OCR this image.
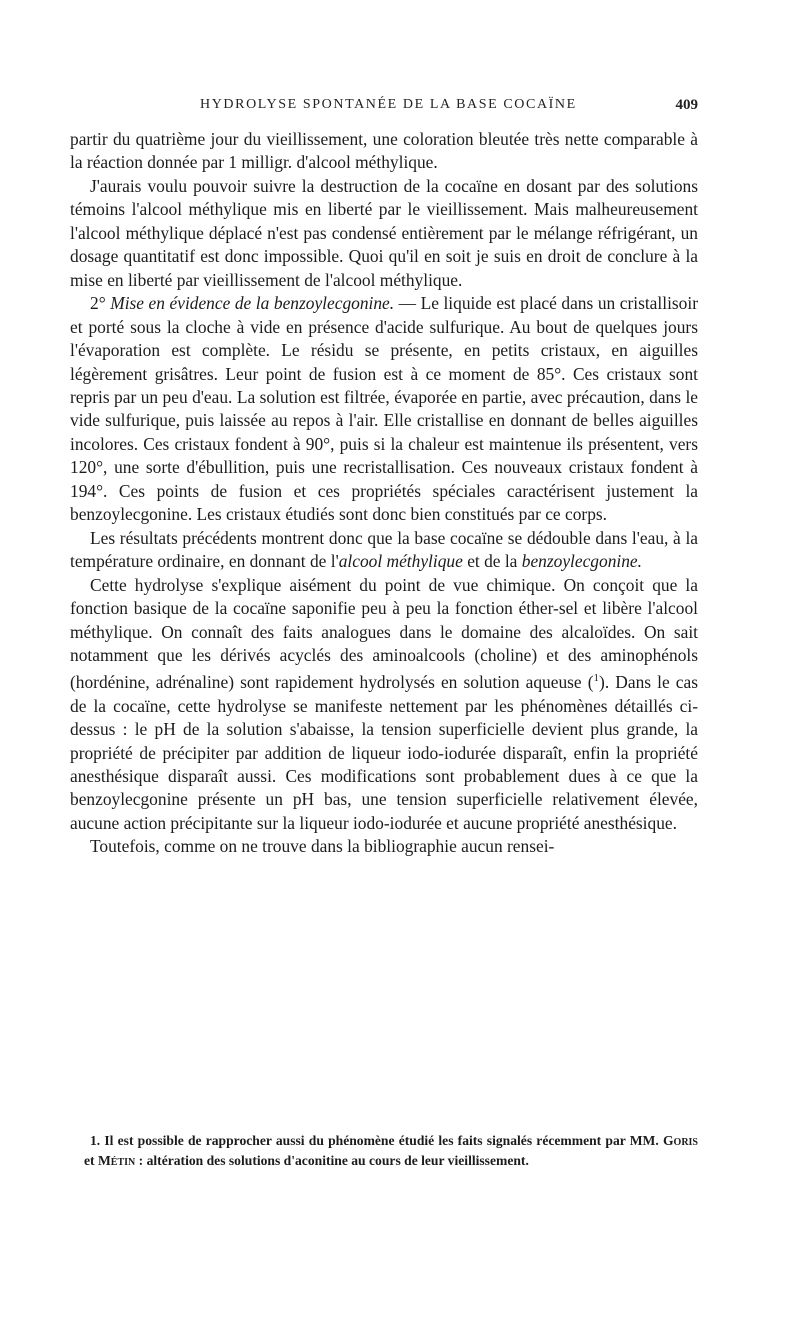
HYDROLYSE SPONTANÉE DE LA BASE COCAÏNE	409

partir du quatrième jour du vieillissement, une coloration bleutée très nette comparable à la réaction donnée par 1 milligr. d'alcool méthylique.

J'aurais voulu pouvoir suivre la destruction de la cocaïne en dosant par des solutions témoins l'alcool méthylique mis en liberté par le vieillissement. Mais malheureusement l'alcool méthylique déplacé n'est pas condensé entièrement par le mélange réfrigérant, un dosage quantitatif est donc impossible. Quoi qu'il en soit je suis en droit de conclure à la mise en liberté par vieillissement de l'alcool méthylique.

2° Mise en évidence de la benzoylecgonine. — Le liquide est placé dans un cristallisoir et porté sous la cloche à vide en présence d'acide sulfurique. Au bout de quelques jours l'évaporation est complète. Le résidu se présente, en petits cristaux, en aiguilles légèrement grisâtres. Leur point de fusion est à ce moment de 85°. Ces cristaux sont repris par un peu d'eau. La solution est filtrée, évaporée en partie, avec précaution, dans le vide sulfurique, puis laissée au repos à l'air. Elle cristallise en donnant de belles aiguilles incolores. Ces cristaux fondent à 90°, puis si la chaleur est maintenue ils présentent, vers 120°, une sorte d'ébullition, puis une recristallisation. Ces nouveaux cristaux fondent à 194°. Ces points de fusion et ces propriétés spéciales caractérisent justement la benzoylecgonine. Les cristaux étudiés sont donc bien constitués par ce corps.

Les résultats précédents montrent donc que la base cocaïne se dédouble dans l'eau, à la température ordinaire, en donnant de l'alcool méthylique et de la benzoylecgonine.

Cette hydrolyse s'explique aisément du point de vue chimique. On conçoit que la fonction basique de la cocaïne saponifie peu à peu la fonction éther-sel et libère l'alcool méthylique. On connaît des faits analogues dans le domaine des alcaloïdes. On sait notamment que les dérivés acyclés des aminoalcools (choline) et des aminophénols (hordénine, adrénaline) sont rapidement hydrolysés en solution aqueuse ($^1$). Dans le cas de la cocaïne, cette hydrolyse se manifeste nettement par les phénomènes détaillés ci-dessus : le pH de la solution s'abaisse, la tension superficielle devient plus grande, la propriété de précipiter par addition de liqueur iodo-iodurée disparaît, enfin la propriété anesthésique disparaît aussi. Ces modifications sont probablement dues à ce que la benzoylecgonine présente un pH bas, une tension superficielle relativement élevée, aucune action précipitante sur la liqueur iodo-iodurée et aucune propriété anesthésique.

Toutefois, comme on ne trouve dans la bibliographie aucun rensei-

1. Il est possible de rapprocher aussi du phénomène étudié les faits signalés récemment par MM. Goris et Métin : altération des solutions d'aconitine au cours de leur vieillissement.
